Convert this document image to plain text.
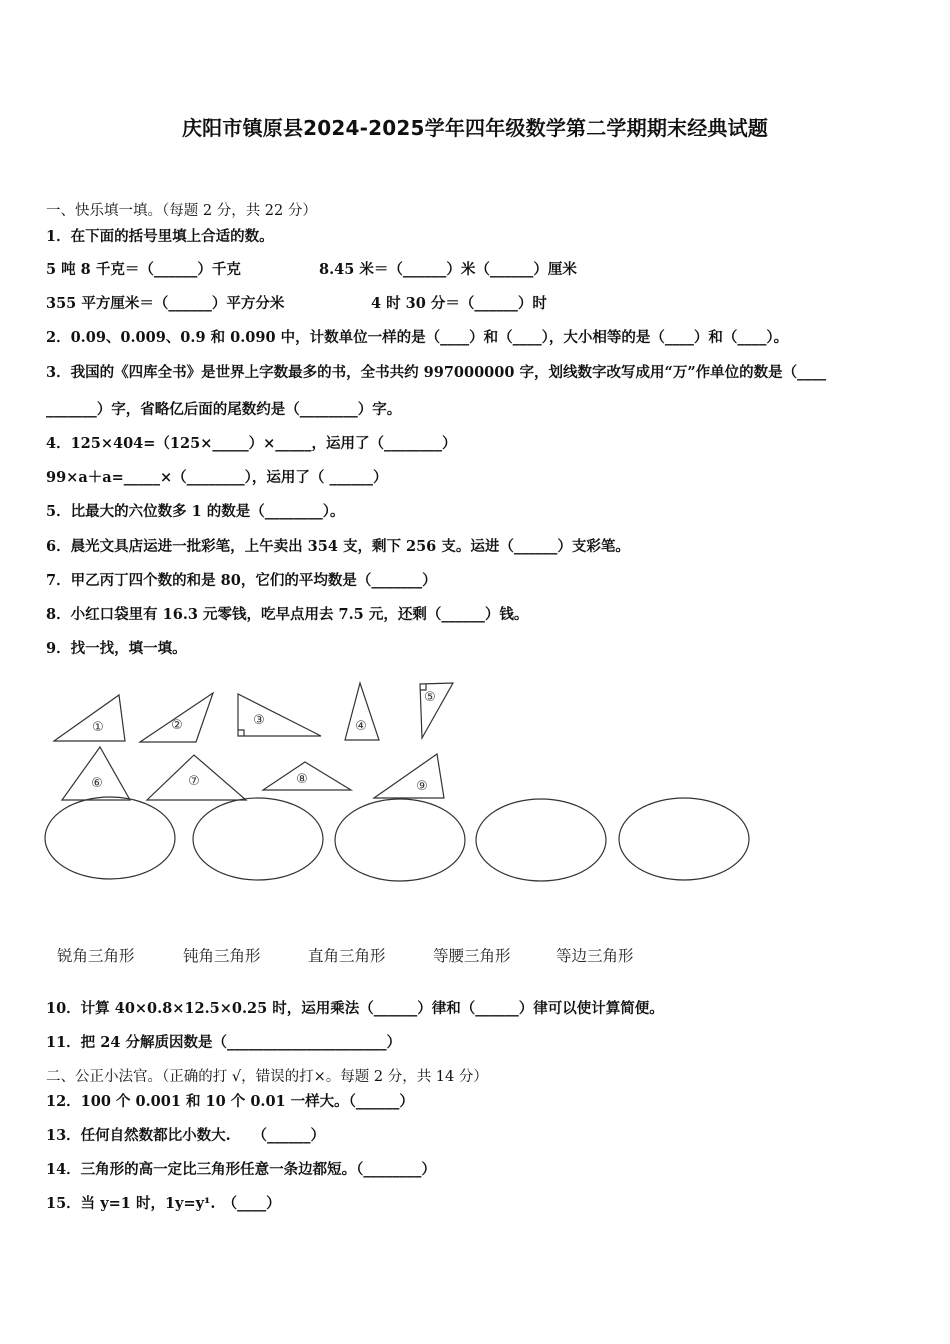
庆阳市镇原县2024-2025学年四年级数学第二学期期末经典试题
一、快乐填一填。（每题 2 分，共 22 分）
1．在下面的括号里填上合适的数。
5 吨 8 千克＝（______）千克	8.45 米＝（______）米（______）厘米
355 平方厘米＝（______）平方分米	4 时 30 分＝（______）时
2．0.09、0.009、0.9 和 0.090 中，计数单位一样的是（____）和（____），大小相等的是（____）和（____）。
3．我国的《四库全书》是世界上字数最多的书，全书共约 997000000 字，划线数字改写成用“万”作单位的数是（____
_______）字，省略亿后面的尾数约是（________）字。
4．125×404=（125×_____）×_____，运用了（________）
99×a＋a=_____×（________），运用了（ ______）
5．比最大的六位数多 1 的数是（________）。
6．晨光文具店运进一批彩笔，上午卖出 354 支，剩下 256 支。运进（______）支彩笔。
7．甲乙丙丁四个数的和是 80，它们的平均数是（_______）
8．小红口袋里有 16.3 元零钱，吃早点用去 7.5 元，还剩（______）钱。
9．找一找，填一填。
①	②	③	④
⑤
⑥	⑦	⑧	⑨
锐角三角形	钝角三角形	直角三角形	等腰三角形	等边三角形
10．计算 40×0.8×12.5×0.25 时，运用乘法（______）律和（______）律可以使计算简便。
11．把 24 分解质因数是（______________________）
二、公正小法官。（正确的打 √，错误的打×。每题 2 分，共 14 分）
12．100 个 0.001 和 10 个 0.01 一样大。（______）
13．任何自然数都比小数大.　　（______）
14．三角形的高一定比三角形任意一条边都短。（________）
15．当 y=1 时，1y=y¹.　（____）
